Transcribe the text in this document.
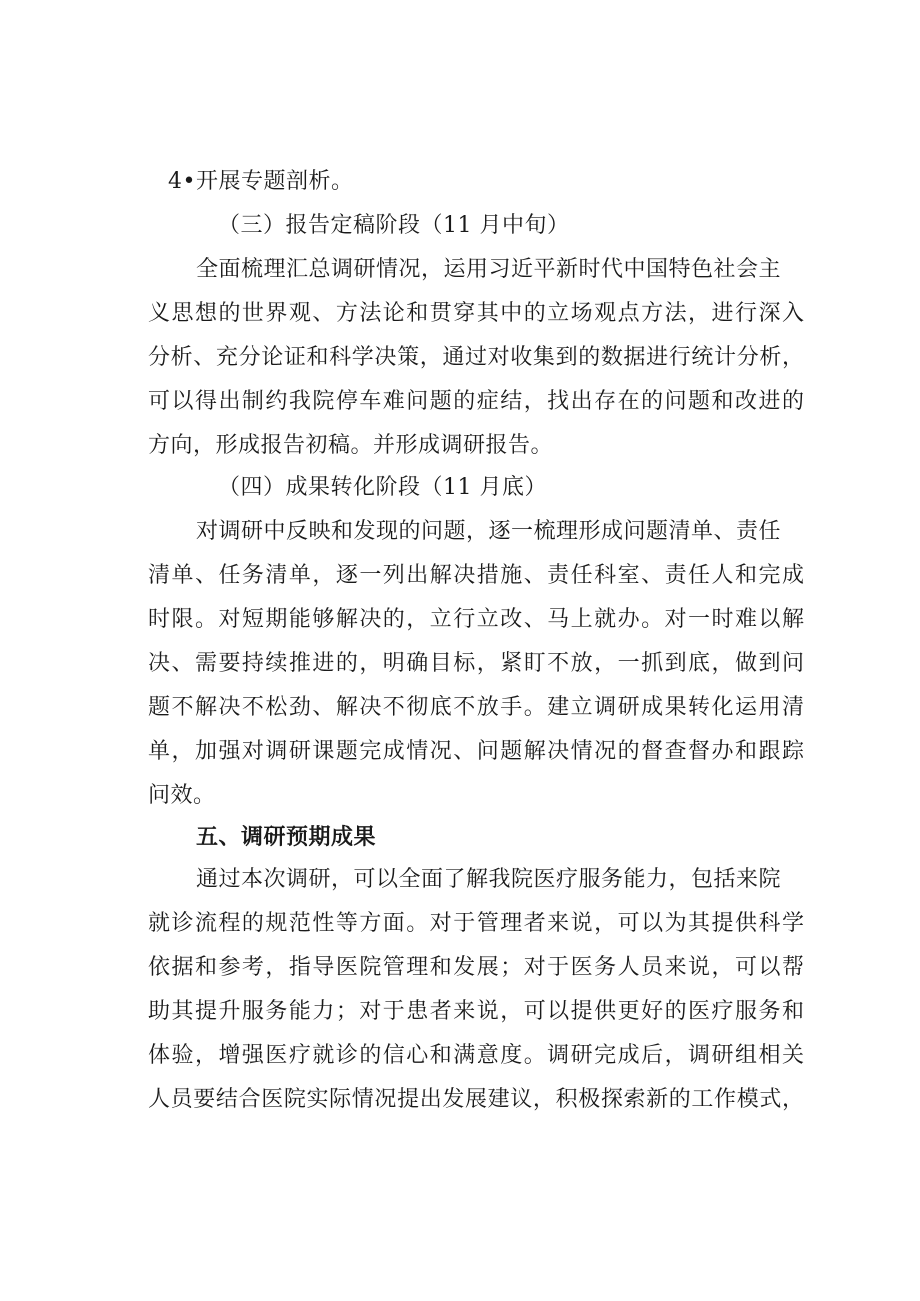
4•开展专题剖析。
（三）报告定稿阶段（11 月中旬）
全面梳理汇总调研情况，运用习近平新时代中国特色社会主
义思想的世界观、方法论和贯穿其中的立场观点方法，进行深入
分析、充分论证和科学决策，通过对收集到的数据进行统计分析，
可以得出制约我院停车难问题的症结，找出存在的问题和改进的
方向，形成报告初稿。并形成调研报告。
（四）成果转化阶段（11 月底）
对调研中反映和发现的问题，逐一梳理形成问题清单、责任
清单、任务清单，逐一列出解决措施、责任科室、责任人和完成
时限。对短期能够解决的，立行立改、马上就办。对一时难以解
决、需要持续推进的，明确目标，紧盯不放，一抓到底，做到问
题不解决不松劲、解决不彻底不放手。建立调研成果转化运用清
单，加强对调研课题完成情况、问题解决情况的督查督办和跟踪
问效。
五、调研预期成果
通过本次调研，可以全面了解我院医疗服务能力，包括来院
就诊流程的规范性等方面。对于管理者来说，可以为其提供科学
依据和参考，指导医院管理和发展；对于医务人员来说，可以帮
助其提升服务能力；对于患者来说，可以提供更好的医疗服务和
体验，增强医疗就诊的信心和满意度。调研完成后，调研组相关
人员要结合医院实际情况提出发展建议，积极探索新的工作模式，
